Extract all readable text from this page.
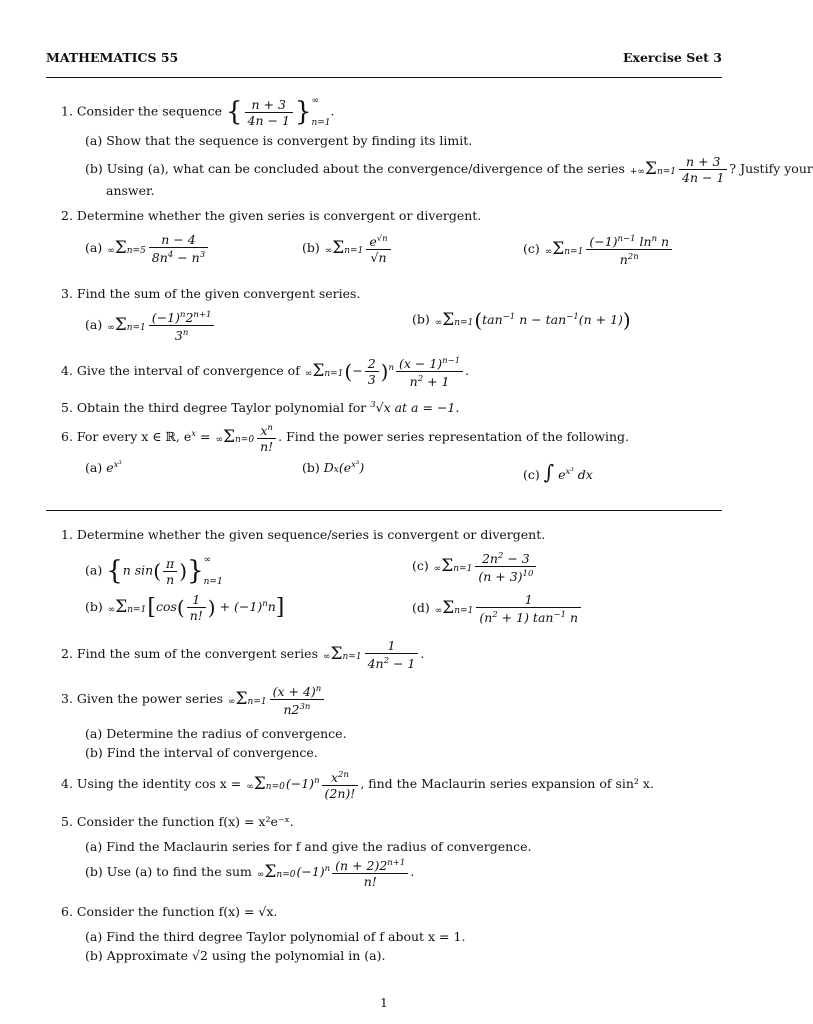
MATHEMATICS 55	Exercise Set 3
1. Consider the sequence { $\frac{n + 3}{4n - 1}$ }∞
n=1.
(a) Show that the sequence is convergent by finding its limit.
(b) Using (a), what can be concluded about the convergence/divergence of the series $+\infty\Sigma n=1 \frac{n + 3}{4n - 1}$ ? Justify your
answer.
2. Determine whether the given series is convergent or divergent.
(a) $\infty\Sigma n=5 \frac{n - 4}{8n^4 - n^3}$	(b) $\infty\Sigma n=1 \frac{e^{√n}}{√n}$	(c) $\infty\Sigma n=1 \frac{(-1)^{n-1} \ln^n n}{n^{2n}}$
3. Find the sum of the given convergent series.
(a) $\infty\Sigma n=1 \frac{(-1)^n2^{n+1}}{3^n}$	(b) $\infty\Sigma n=1(\tan^{-1}$ $n - \tan^{-1}(n + 1)$)
4. Give the interval of convergence of $\infty\Sigma n=1(- \frac{2}{3} )^n \frac{(x - 1)^{n-1}}{n^2 + 1}$ .
5. Obtain the third degree Taylor polynomial for $^3$√x at a = −1.
6. For every x ∈ ℝ, $e^x = \infty\Sigma n=0 \frac{x^n}{n!}$ . Find the power series representation of the following.
(a) $e^{x^3}$	(b) $Dx(e^{x^3})$	(c) ∫ $e^{x^3}$ dx
1. Determine whether the given sequence/series is convergent or divergent.
(a) {n $\sin( \frac{\pi}{n}$ )}∞
n=1
(c) $\infty\Sigma n=1 \frac{2n^2 - 3}{(n + 3)^{10}}$
(b) $\infty\Sigma n=1[\cos( \frac{1}{n!}$ ) + $(-1)^nn$]	(d) $\infty\Sigma n=1 \frac{1}{(n^2 + 1) \tan^{-1} n}$
2. Find the sum of the convergent series $\infty\Sigma n=1 \frac{1}{4n^2 - 1}$ .
3. Given the power series $\infty\Sigma n=1 \frac{(x + 4)^n}{n2^{3n}}$
(a) Determine the radius of convergence.
(b) Find the interval of convergence.
4. Using the identity $\cos x = \infty\Sigma n=0(-1)^n \frac{x^{2n}}{(2n)!}$ , find the Maclaurin series expansion of sin² x.
5. Consider the function f(x) = x²e⁻ˣ.
(a) Find the Maclaurin series for f and give the radius of convergence.
(b) Use (a) to find the sum $\infty\Sigma n=0(-1)^n \frac{(n + 2)2^{n+1}}{n!}$ .
6. Consider the function f(x) = √x.
(a) Find the third degree Taylor polynomial of f about x = 1.
(b) Approximate √2 using the polynomial in (a).
1
